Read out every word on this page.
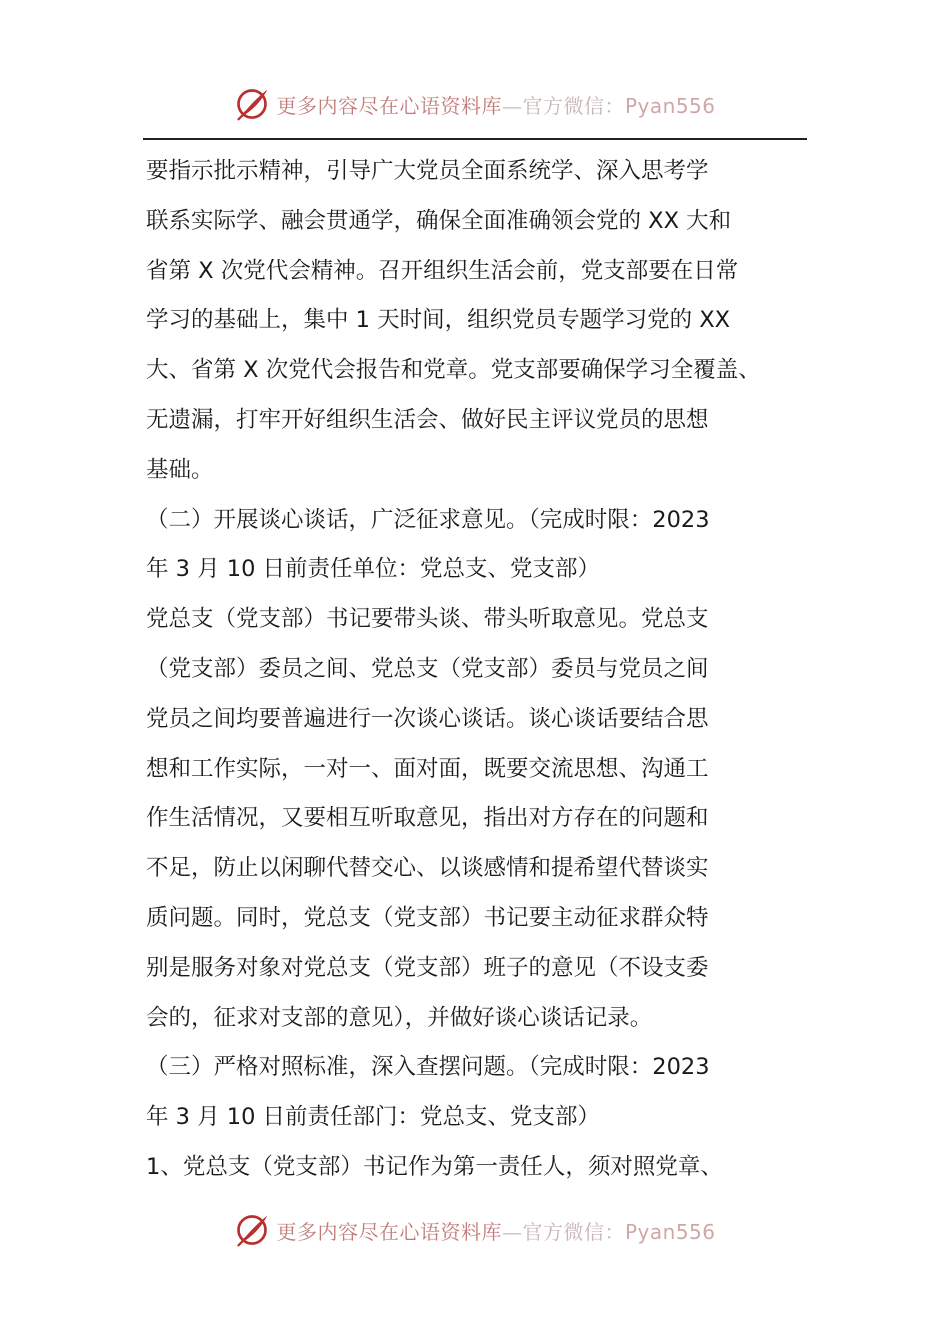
更多内容尽在心语资料库—官方微信：Pyan556
要指示批示精神，引导广大党员全面系统学、深入思考学
联系实际学、融会贯通学，确保全面准确领会党的 XX 大和
省第 X 次党代会精神。召开组织生活会前，党支部要在日常
学习的基础上，集中 1 天时间，组织党员专题学习党的 XX
大、省第 X 次党代会报告和党章。党支部要确保学习全覆盖、
无遗漏，打牢开好组织生活会、做好民主评议党员的思想
基础。
（二）开展谈心谈话，广泛征求意见。（完成时限：2023
年 3 月 10 日前责任单位：党总支、党支部）
党总支（党支部）书记要带头谈、带头听取意见。党总支
（党支部）委员之间、党总支（党支部）委员与党员之间
党员之间均要普遍进行一次谈心谈话。谈心谈话要结合思
想和工作实际，一对一、面对面，既要交流思想、沟通工
作生活情况，又要相互听取意见，指出对方存在的问题和
不足，防止以闲聊代替交心、以谈感情和提希望代替谈实
质问题。同时，党总支（党支部）书记要主动征求群众特
别是服务对象对党总支（党支部）班子的意见（不设支委
会的，征求对支部的意见），并做好谈心谈话记录。
（三）严格对照标准，深入查摆问题。（完成时限：2023
年 3 月 10 日前责任部门：党总支、党支部）
1、党总支（党支部）书记作为第一责任人，须对照党章、
更多内容尽在心语资料库—官方微信：Pyan556
